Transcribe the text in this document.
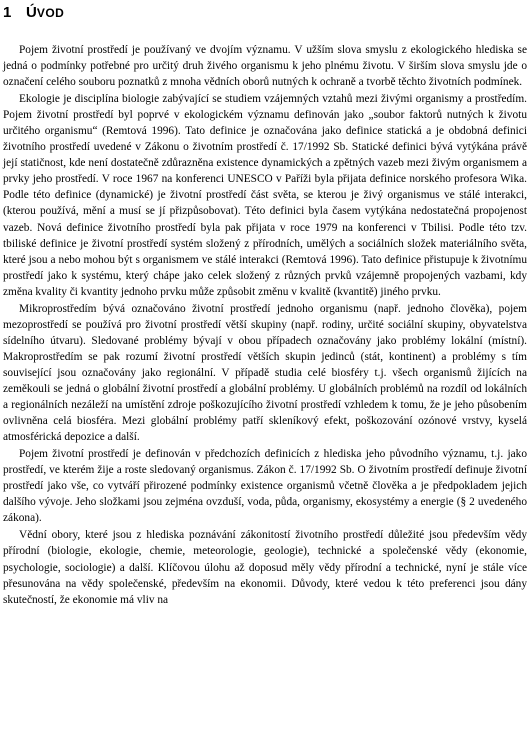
1 ÚVOD

Pojem životní prostředí je používaný ve dvojím významu. V užším slova smyslu z ekologického hlediska se jedná o podmínky potřebné pro určitý druh živého organismu k jeho plnému životu. V širším slova smyslu jde o označení celého souboru poznatků z mnoha vědních oborů nutných k ochraně a tvorbě těchto životních podmínek.

Ekologie je disciplína biologie zabývající se studiem vzájemných vztahů mezi živými organismy a prostředím. Pojem životní prostředí byl poprvé v ekologickém významu definován jako „soubor faktorů nutných k životu určitého organismu“ (Remtová 1996). Tato definice je označována jako definice statická a je obdobná definici životního prostředí uvedené v Zákonu o životním prostředí č. 17/1992 Sb. Statické definici bývá vytýkána právě její statičnost, kde není dostatečně zdůrazněna existence dynamických a zpětných vazeb mezi živým organismem a prvky jeho prostředí. V roce 1967 na konferenci UNESCO v Paříži byla přijata definice norského profesora Wika. Podle této definice (dynamické) je životní prostředí část světa, se kterou je živý organismus ve stálé interakci, (kterou používá, mění a musí se jí přizpůsobovat). Této definici byla časem vytýkána nedostatečná propojenost vazeb. Nová definice životního prostředí byla pak přijata v roce 1979 na konferenci v Tbilisi. Podle této tzv. tbiliské definice je životní prostředí systém složený z přírodních, umělých a sociálních složek materiálního světa, které jsou a nebo mohou být s organismem ve stálé interakci (Remtová 1996). Tato definice přistupuje k životnímu prostředí jako k systému, který chápe jako celek složený z různých prvků vzájemně propojených vazbami, kdy změna kvality či kvantity jednoho prvku může způsobit změnu v kvalitě (kvantitě) jiného prvku.

Mikroprostředím bývá označováno životní prostředí jednoho organismu (např. jednoho člověka), pojem mezoprostředí se používá pro životní prostředí větší skupiny (např. rodiny, určité sociální skupiny, obyvatelstva sídelního útvaru). Sledované problémy bývají v obou případech označovány jako problémy lokální (místní). Makroprostředím se pak rozumí životní prostředí větších skupin jedinců (stát, kontinent) a problémy s tím související jsou označovány jako regionální. V případě studia celé biosféry t.j. všech organismů žijících na zeměkouli se jedná o globální životní prostředí a globální problémy. U globálních problémů na rozdíl od lokálních a regionálních nezáleží na umístění zdroje poškozujícího životní prostředí vzhledem k tomu, že je jeho působením ovlivněna celá biosféra. Mezi globální problémy patří skleníkový efekt, poškozování ozónové vrstvy, kyselá atmosférická depozice a další.

Pojem životní prostředí je definován v předchozích definicích z hlediska jeho původního významu, t.j. jako prostředí, ve kterém žije a roste sledovaný organismus. Zákon č. 17/1992 Sb. O životním prostředí definuje životní prostředí jako vše, co vytváří přirozené podmínky existence organismů včetně člověka a je předpokladem jejich dalšího vývoje. Jeho složkami jsou zejména ovzduší, voda, půda, organismy, ekosystémy a energie (§ 2 uvedeného zákona).

Vědní obory, které jsou z hlediska poznávání zákonitostí životního prostředí důležité jsou především vědy přírodní (biologie, ekologie, chemie, meteorologie, geologie), technické a společenské vědy (ekonomie, psychologie, sociologie) a další. Klíčovou úlohu až doposud měly vědy přírodní a technické, nyní je stále více přesunována na vědy společenské, především na ekonomii. Důvody, které vedou k této preferenci jsou dány skutečností, že ekonomie má vliv na
